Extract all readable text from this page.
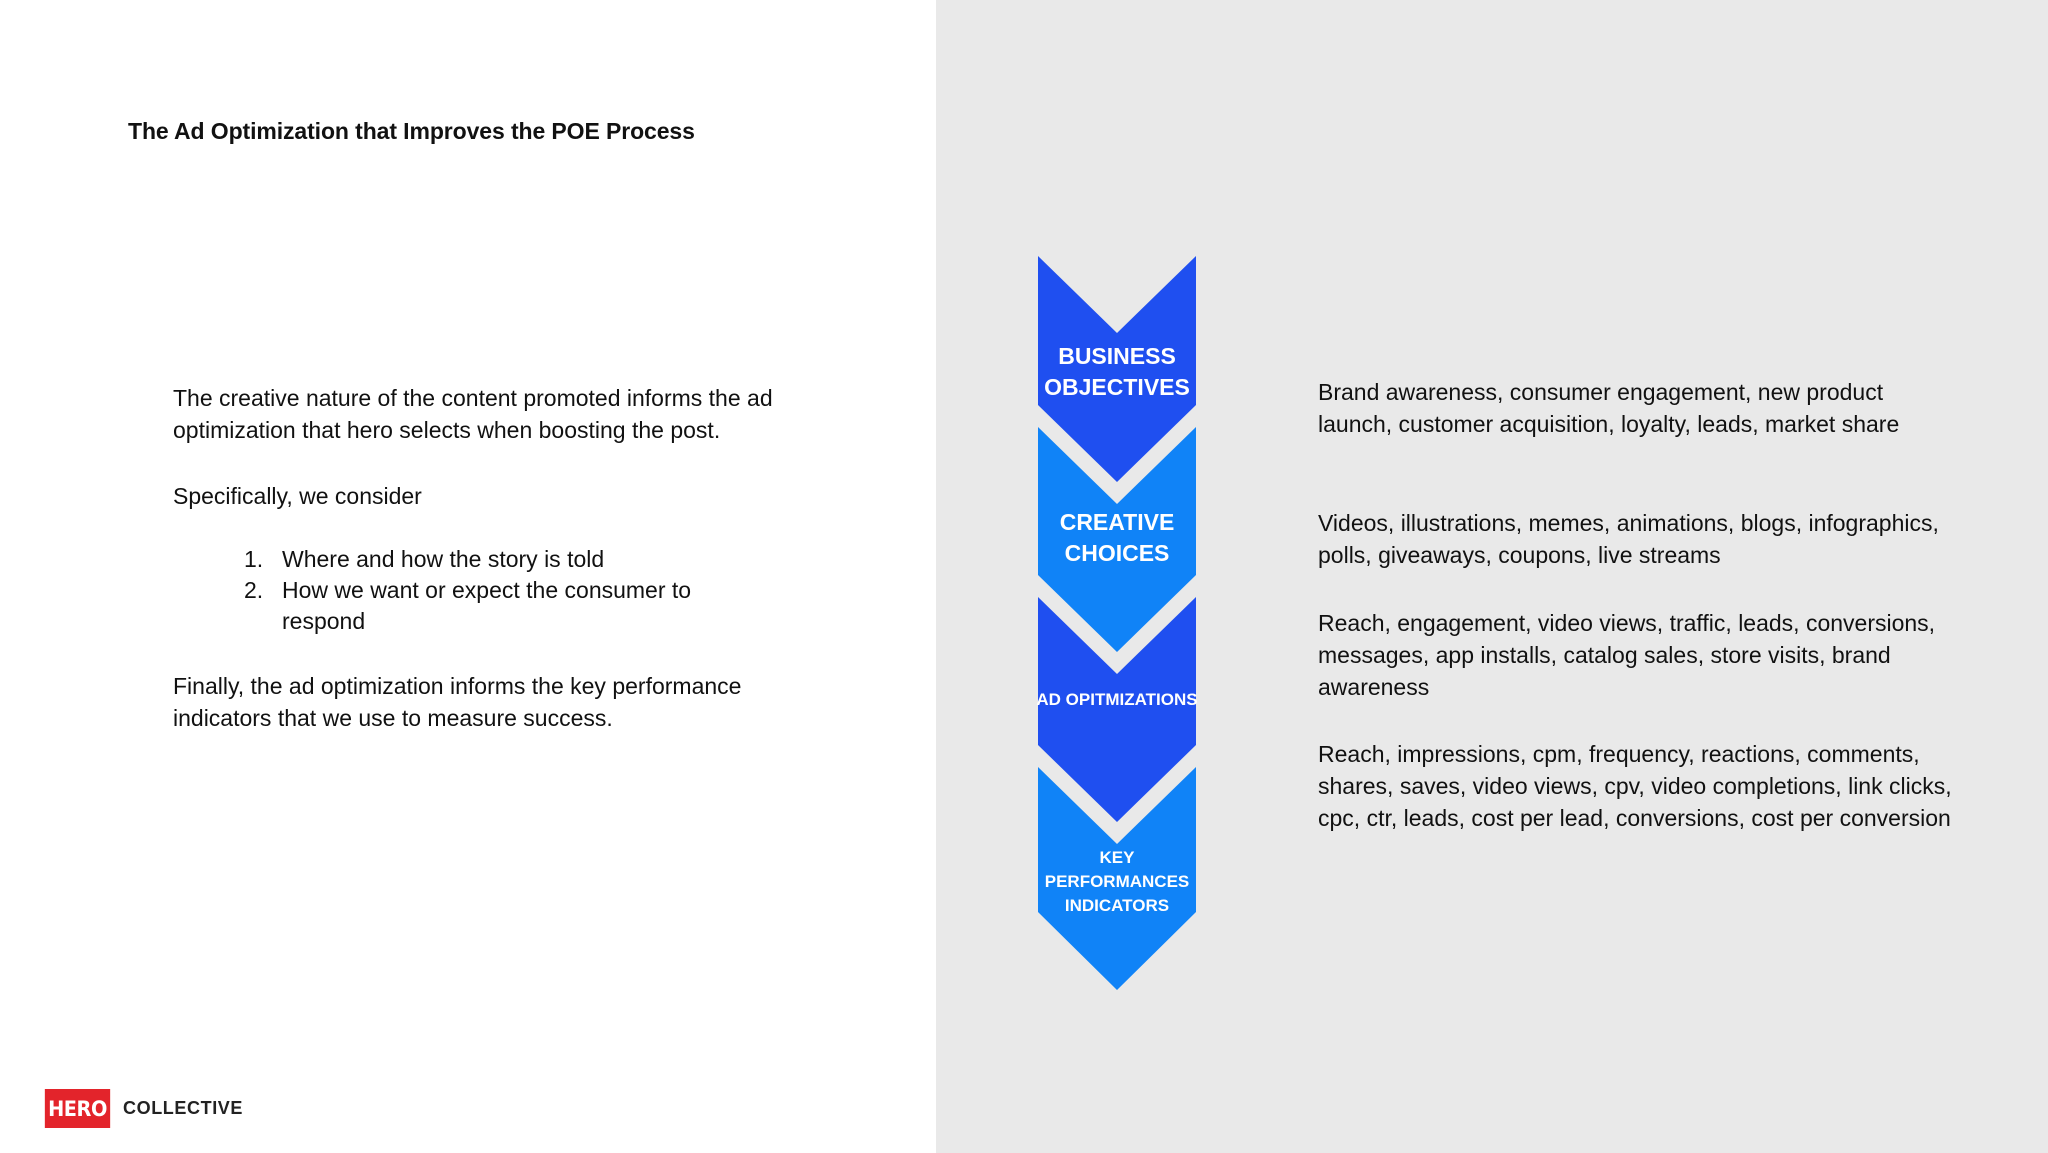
The Ad Optimization that Improves the POE Process

The creative nature of the content promoted informs the ad optimization that hero selects when boosting the post.

Specifically, we consider

1. Where and how the story is told
2. How we want or expect the consumer to respond

Finally, the ad optimization informs the key performance indicators that we use to measure success.

BUSINESS OBJECTIVES

CREATIVE CHOICES

AD OPITMIZATIONS

KEY PERFORMANCES INDICATORS

Brand awareness, consumer engagement, new product launch, customer acquisition, loyalty, leads, market share

Videos, illustrations, memes, animations, blogs, infographics, polls, giveaways, coupons, live streams

Reach, engagement, video views, traffic, leads, conversions, messages, app installs, catalog sales, store visits, brand awareness

Reach, impressions, cpm, frequency, reactions, comments, shares, saves, video views, cpv, video completions, link clicks, cpc, ctr, leads, cost per lead, conversions, cost per conversion

HERO COLLECTIVE
